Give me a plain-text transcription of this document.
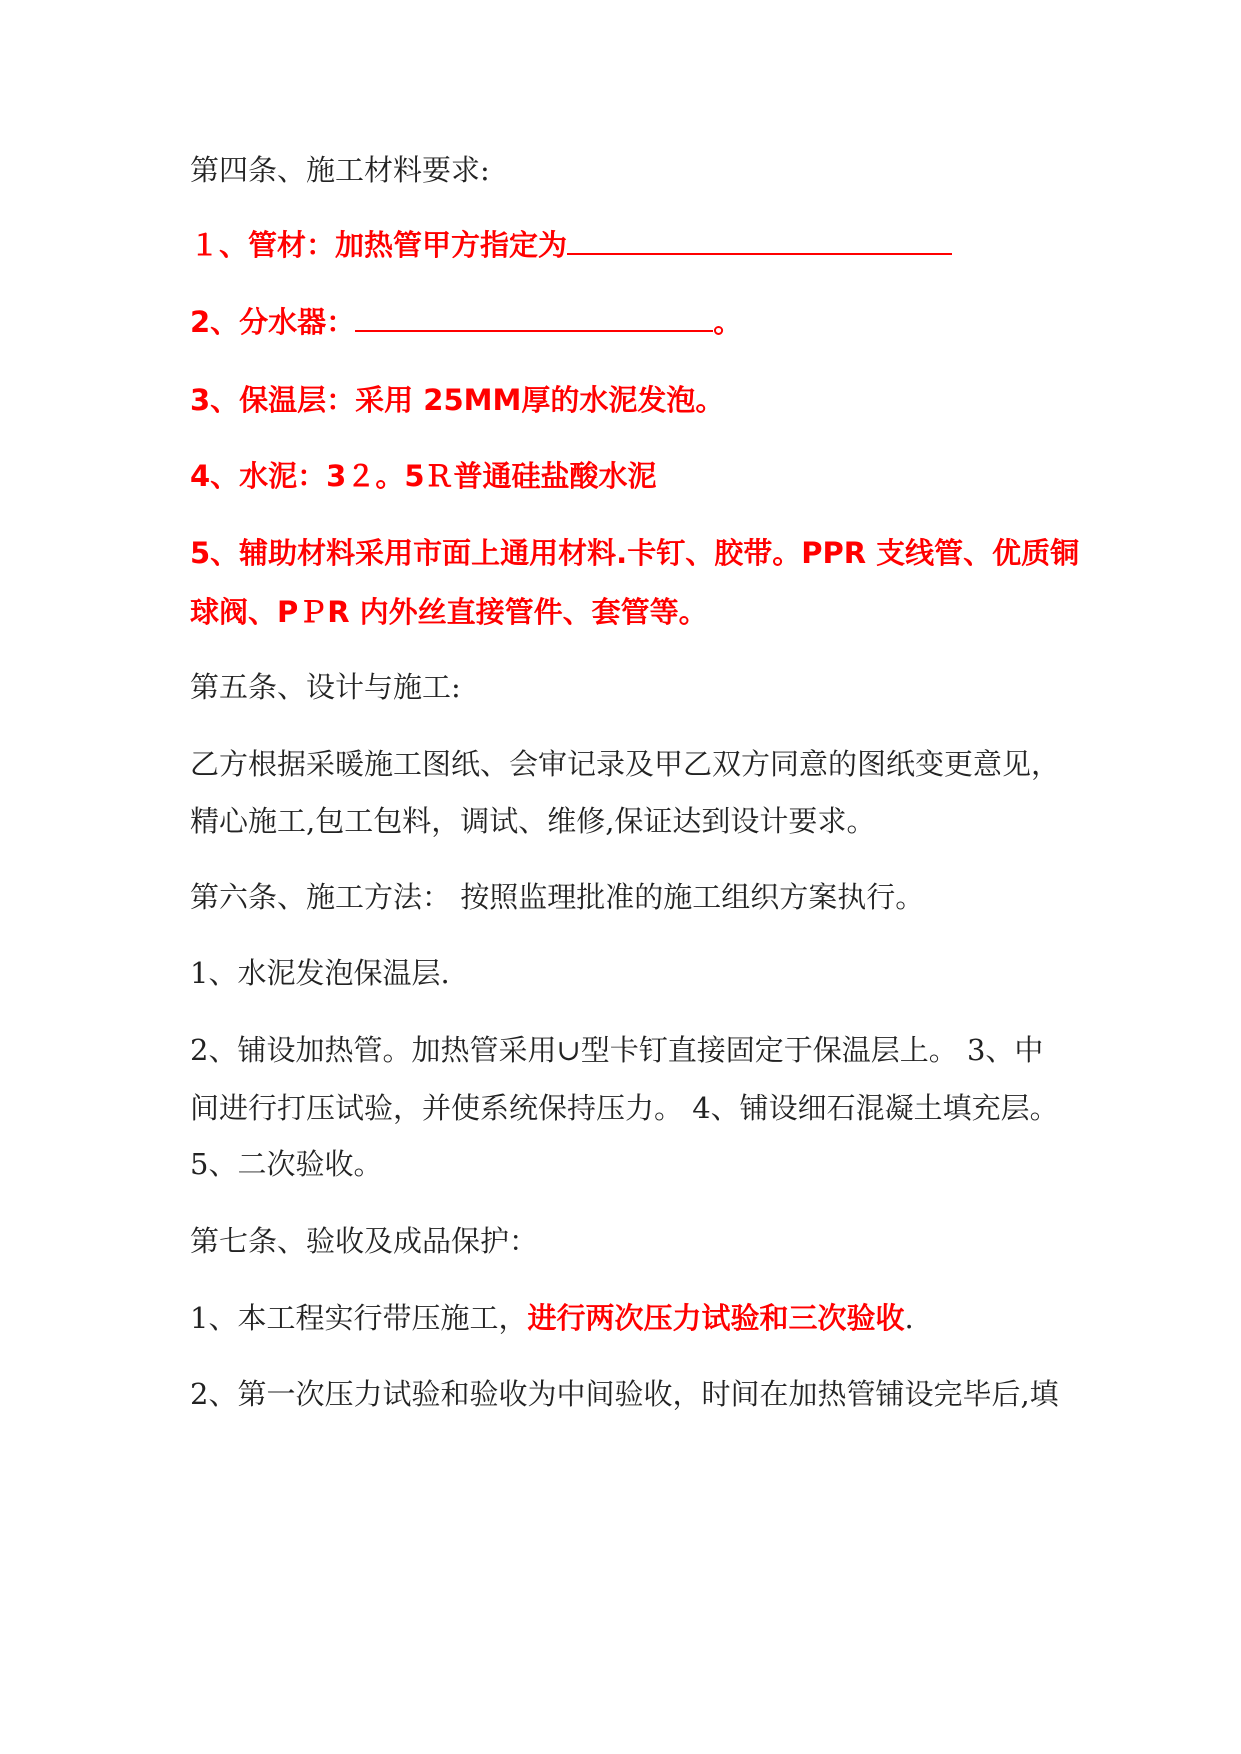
第四条、施工材料要求:
１、管材：加热管甲方指定为
2、分水器：	。
3、保温层：采用 25MM厚的水泥发泡。
4、水泥：3２。5Ｒ普通硅盐酸水泥
5、辅助材料采用市面上通用材料.卡钉、胶带。PPR 支线管、优质铜
球阀、PＰR 内外丝直接管件、套管等。
第五条、设计与施工:
乙方根据采暖施工图纸、会审记录及甲乙双方同意的图纸变更意见，
精心施工,包工包料，调试、维修,保证达到设计要求。
第六条、施工方法： 按照监理批准的施工组织方案执行。
1、水泥发泡保温层.
2、铺设加热管。加热管采用∪型卡钉直接固定于保温层上。 3、中
间进行打压试验，并使系统保持压力。 4、铺设细石混凝土填充层。
5、二次验收。
第七条、验收及成品保护：
1、本工程实行带压施工，进行两次压力试验和三次验收.
2、第一次压力试验和验收为中间验收，时间在加热管铺设完毕后,填
